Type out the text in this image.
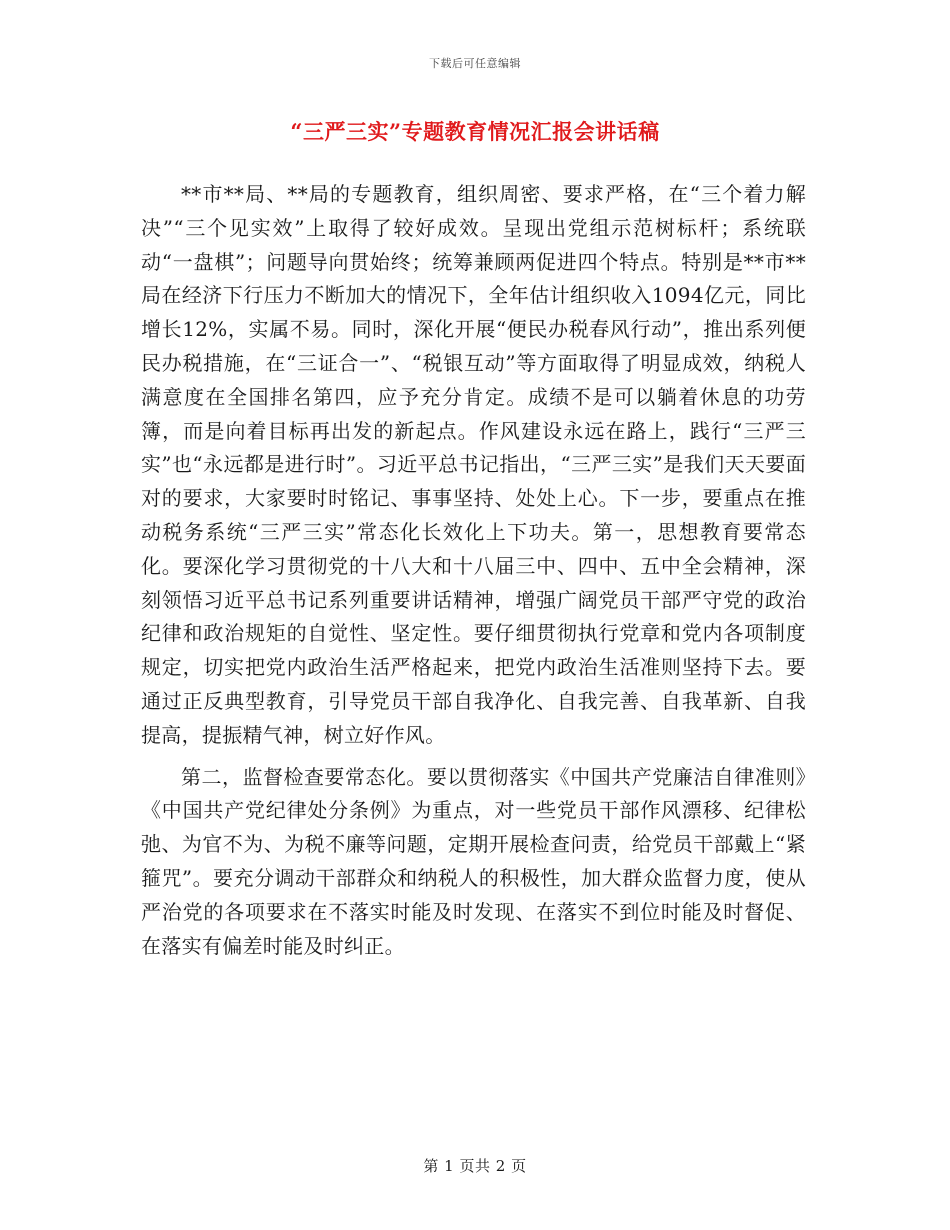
下载后可任意编辑
“三严三实”专题教育情况汇报会讲话稿

**市**局、**局的专题教育，组织周密、要求严格，在“三个着力解决”“三个见实效”上取得了较好成效。呈现出党组示范树标杆；系统联动“一盘棋”；问题导向贯始终；统筹兼顾两促进四个特点。特别是**市**局在经济下行压力不断加大的情况下，全年估计组织收入1094亿元，同比增长12%，实属不易。同时，深化开展“便民办税春风行动”，推出系列便民办税措施，在“三证合一”、“税银互动”等方面取得了明显成效，纳税人满意度在全国排名第四，应予充分肯定。成绩不是可以躺着休息的功劳簿，而是向着目标再出发的新起点。作风建设永远在路上，践行“三严三实”也“永远都是进行时”。习近平总书记指出，“三严三实”是我们天天要面对的要求，大家要时时铭记、事事坚持、处处上心。下一步，要重点在推动税务系统“三严三实”常态化长效化上下功夫。第一，思想教育要常态化。要深化学习贯彻党的十八大和十八届三中、四中、五中全会精神，深刻领悟习近平总书记系列重要讲话精神，增强广阔党员干部严守党的政治纪律和政治规矩的自觉性、坚定性。要仔细贯彻执行党章和党内各项制度规定，切实把党内政治生活严格起来，把党内政治生活准则坚持下去。要通过正反典型教育，引导党员干部自我净化、自我完善、自我革新、自我提高，提振精气神，树立好作风。

第二，监督检查要常态化。要以贯彻落实《中国共产党廉洁自律准则》《中国共产党纪律处分条例》为重点，对一些党员干部作风漂移、纪律松弛、为官不为、为税不廉等问题，定期开展检查问责，给党员干部戴上“紧箍咒”。要充分调动干部群众和纳税人的积极性，加大群众监督力度，使从严治党的各项要求在不落实时能及时发现、在落实不到位时能及时督促、在落实有偏差时能及时纠正。

第 1 页共 2 页
